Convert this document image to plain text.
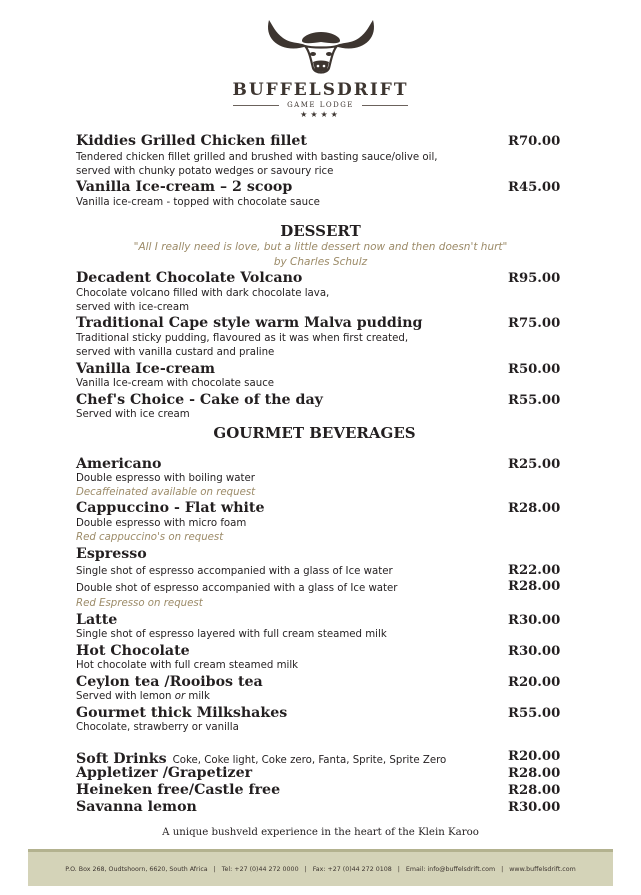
BUFFELSDRIFT
GAME LODGE
★★★★
Kiddies Grilled Chicken fillet	R70.00
Tendered chicken fillet grilled and brushed with basting sauce/olive oil,
served with chunky potato wedges or savoury rice
Vanilla Ice-cream – 2 scoop	R45.00
Vanilla ice-cream - topped with chocolate sauce
DESSERT
"All I really need is love, but a little dessert now and then doesn't hurt"
by Charles Schulz
Decadent Chocolate Volcano	R95.00
Chocolate volcano filled with dark chocolate lava,
served with ice-cream
Traditional Cape style warm Malva pudding	R75.00
Traditional sticky pudding, flavoured as it was when first created,
served with vanilla custard and praline
Vanilla Ice-cream	R50.00
Vanilla Ice-cream with chocolate sauce
Chef's Choice - Cake of the day	R55.00
Served with ice cream
GOURMET BEVERAGES
Americano	R25.00
Double espresso with boiling water
Decaffeinated available on request
Cappuccino - Flat white	R28.00
Double espresso with micro foam
Red cappuccino's on request
Espresso
Single shot of espresso accompanied with a glass of Ice water	R22.00
Double shot of espresso accompanied with a glass of Ice water	R28.00
Red Espresso on request
Latte	R30.00
Single shot of espresso layered with full cream steamed milk
Hot Chocolate	R30.00
Hot chocolate with full cream steamed milk
Ceylon tea /Rooibos tea	R20.00
Served with lemon or milk
Gourmet thick Milkshakes	R55.00
Chocolate, strawberry or vanilla
Soft Drinks Coke, Coke light, Coke zero, Fanta, Sprite, Sprite Zero	R20.00
Appletizer /Grapetizer	R28.00
Heineken free/Castle free	R28.00
Savanna lemon	R30.00
A unique bushveld experience in the heart of the Klein Karoo
P.O. Box 268, Oudtshoorn, 6620, South Africa | Tel: +27 (0)44 272 0000 | Fax: +27 (0)44 272 0108 | Email: info@buffelsdrift.com | www.buffelsdrift.com
